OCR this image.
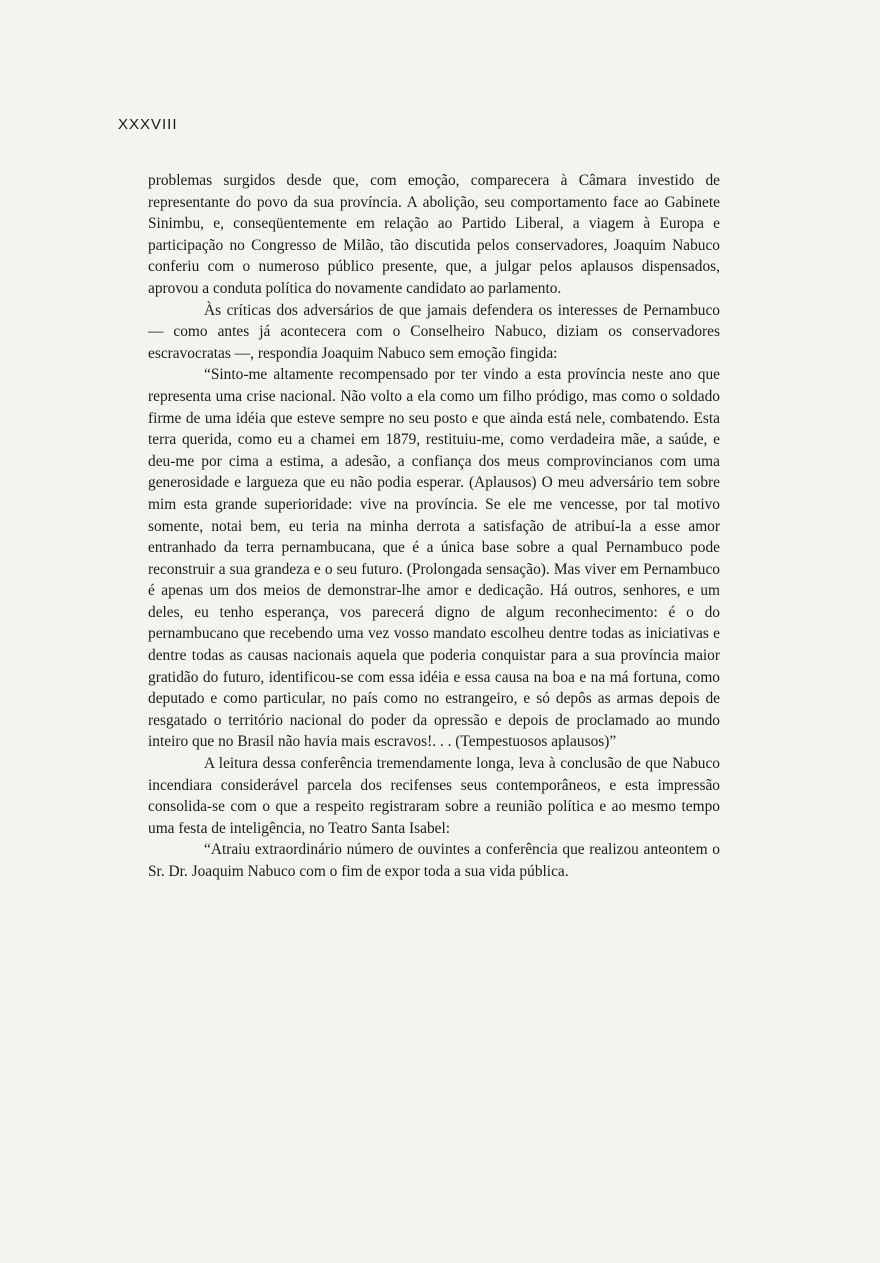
XXXVIII

problemas surgidos desde que, com emoção, comparecera à Câmara investido de representante do povo da sua província. A abolição, seu comportamento face ao Gabinete Sinimbu, e, conseqüentemente em relação ao Partido Liberal, a viagem à Europa e participação no Congresso de Milão, tão discutida pelos conservadores, Joaquim Nabuco conferiu com o numeroso público presente, que, a julgar pelos aplausos dispensados, aprovou a conduta política do novamente candidato ao parlamento.

Às críticas dos adversários de que jamais defendera os interesses de Pernambuco — como antes já acontecera com o Conselheiro Nabuco, diziam os conservadores escravocratas —, respondia Joaquim Nabuco sem emoção fingida:

“Sinto-me altamente recompensado por ter vindo a esta província neste ano que representa uma crise nacional. Não volto a ela como um filho pródigo, mas como o soldado firme de uma idéia que esteve sempre no seu posto e que ainda está nele, combatendo. Esta terra querida, como eu a chamei em 1879, restituiu-me, como verdadeira mãe, a saúde, e deu-me por cima a estima, a adesão, a confiança dos meus comprovincianos com uma generosidade e largueza que eu não podia esperar. (Aplausos) O meu adversário tem sobre mim esta grande superioridade: vive na província. Se ele me vencesse, por tal motivo somente, notai bem, eu teria na minha derrota a satisfação de atribuí-la a esse amor entranhado da terra pernambucana, que é a única base sobre a qual Pernambuco pode reconstruir a sua grandeza e o seu futuro. (Prolongada sensação). Mas viver em Pernambuco é apenas um dos meios de demonstrar-lhe amor e dedicação. Há outros, senhores, e um deles, eu tenho esperança, vos parecerá digno de algum reconhecimento: é o do pernambucano que recebendo uma vez vosso mandato escolheu dentre todas as iniciativas e dentre todas as causas nacionais aquela que poderia conquistar para a sua província maior gratidão do futuro, identificou-se com essa idéia e essa causa na boa e na má fortuna, como deputado e como particular, no país como no estrangeiro, e só depôs as armas depois de resgatado o território nacional do poder da opressão e depois de proclamado ao mundo inteiro que no Brasil não havia mais escravos!. . . (Tempestuosos aplausos)”

A leitura dessa conferência tremendamente longa, leva à conclusão de que Nabuco incendiara considerável parcela dos recifenses seus contemporâneos, e esta impressão consolida-se com o que a respeito registraram sobre a reunião política e ao mesmo tempo uma festa de inteligência, no Teatro Santa Isabel:

“Atraiu extraordinário número de ouvintes a conferência que realizou anteontem o Sr. Dr. Joaquim Nabuco com o fim de expor toda a sua vida pública.
